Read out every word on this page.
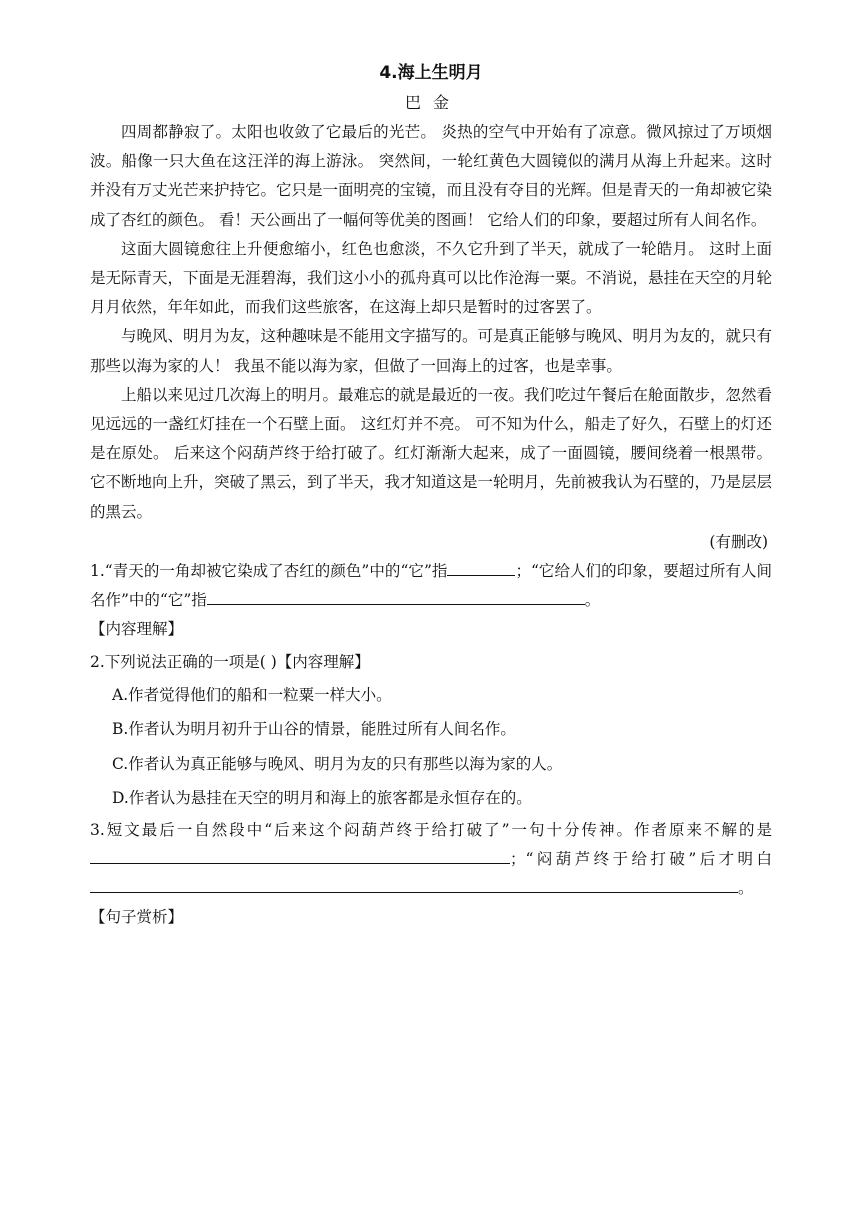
4.海上生明月

巴金

四周都静寂了。太阳也收敛了它最后的光芒。 炎热的空气中开始有了凉意。微风掠过了万顷烟波。船像一只大鱼在这汪洋的海上游泳。 突然间，一轮红黄色大圆镜似的满月从海上升起来。这时并没有万丈光芒来护持它。它只是一面明亮的宝镜，而且没有夺目的光辉。但是青天的一角却被它染成了杏红的颜色。 看！天公画出了一幅何等优美的图画！ 它给人们的印象，要超过所有人间名作。

这面大圆镜愈往上升便愈缩小，红色也愈淡，不久它升到了半天，就成了一轮皓月。 这时上面是无际青天，下面是无涯碧海，我们这小小的孤舟真可以比作沧海一粟。不消说，悬挂在天空的月轮月月依然，年年如此，而我们这些旅客，在这海上却只是暂时的过客罢了。

与晚风、明月为友，这种趣味是不能用文字描写的。可是真正能够与晚风、明月为友的，就只有那些以海为家的人！ 我虽不能以海为家，但做了一回海上的过客，也是幸事。

上船以来见过几次海上的明月。最难忘的就是最近的一夜。我们吃过午餐后在舱面散步，忽然看见远远的一盏红灯挂在一个石壁上面。 这红灯并不亮。 可不知为什么，船走了好久，石壁上的灯还是在原处。 后来这个闷葫芦终于给打破了。红灯渐渐大起来，成了一面圆镜，腰间绕着一根黑带。 它不断地向上升，突破了黑云，到了半天，我才知道这是一轮明月，先前被我认为石壁的，乃是层层的黑云。

(有删改)

1.“青天的一角却被它染成了杏红的颜色”中的“它”指	；“它给人们的印象，要超过所有人间名作”中的“它”指	。

【内容理解】

2.下列说法正确的一项是( )【内容理解】

A.作者觉得他们的船和一粒粟一样大小。

B.作者认为明月初升于山谷的情景，能胜过所有人间名作。

C.作者认为真正能够与晚风、明月为友的只有那些以海为家的人。

D.作者认为悬挂在天空的明月和海上的旅客都是永恒存在的。

3.短文最后一自然段中“后来这个闷葫芦终于给打破了”一句十分传神。作者原来不解的是；“闷葫芦终于给打破”后才明白。

【句子赏析】
